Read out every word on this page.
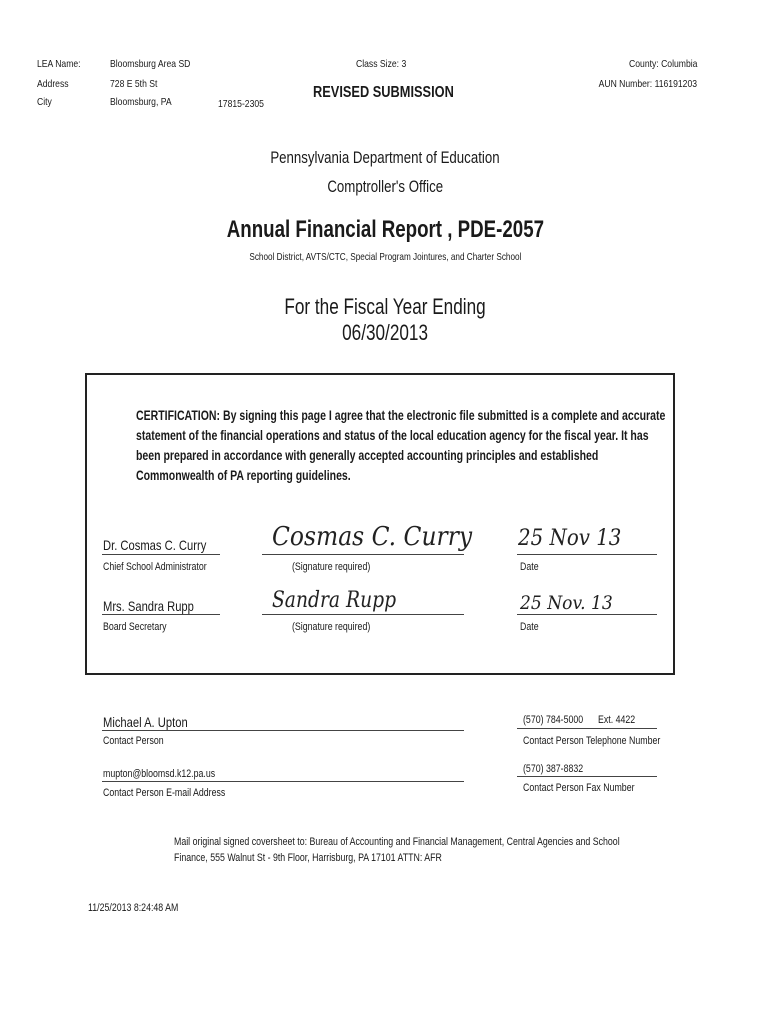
LEA Name:
Address
City
Bloomsburg Area SD
728 E 5th St
Bloomsburg, PA	17815-2305
Class Size: 3
REVISED SUBMISSION
County: Columbia
AUN Number: 116191203
Pennsylvania Department of Education
Comptroller's Office
Annual Financial Report , PDE-2057
School District, AVTS/CTC, Special Program Jointures, and Charter School
For the Fiscal Year Ending
06/30/2013
CERTIFICATION: By signing this page I agree that the electronic file submitted is a complete and accurate statement of the financial operations and status of the local education agency for the fiscal year. It has been prepared in accordance with generally accepted accounting principles and established Commonwealth of PA reporting guidelines.
Dr. Cosmas C. Curry
Chief School Administrator
Cosmas C. Curry
(Signature required)
25 Nov 13
Date
Mrs. Sandra Rupp
Board Secretary
Sandra Rupp
(Signature required)
25 Nov. 13
Date
Michael A. Upton
Contact Person
(570) 784-5000 Ext. 4422
Contact Person Telephone Number
mupton@bloomsd.k12.pa.us
Contact Person E-mail Address
(570) 387-8832
Contact Person Fax Number
Mail original signed coversheet to: Bureau of Accounting and Financial Management, Central Agencies and School
Finance, 555 Walnut St - 9th Floor, Harrisburg, PA 17101 ATTN: AFR
11/25/2013 8:24:48 AM
